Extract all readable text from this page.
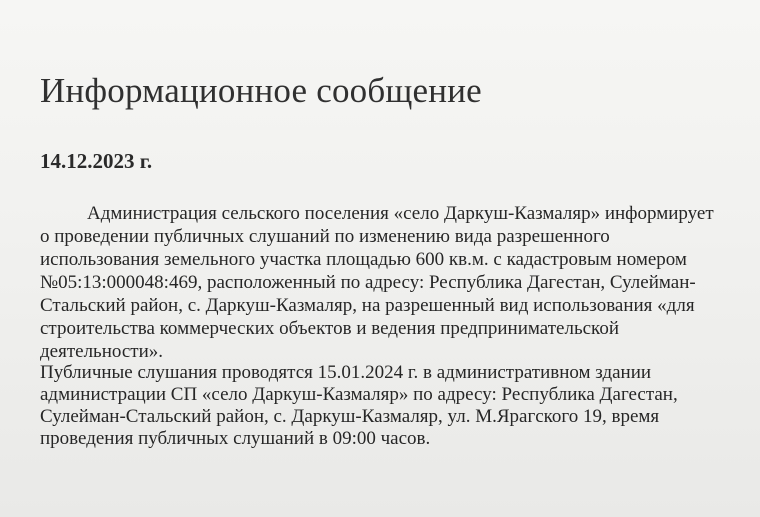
Информационное сообщение
14.12.2023 г.
Администрация сельского поселения «село Даркуш-Казмаляр» информирует
о проведении публичных слушаний по изменению вида разрешенного
использования земельного участка площадью 600 кв.м. с кадастровым номером
№05:13:000048:469, расположенный по адресу: Республика Дагестан, Сулейман-
Стальский район, с. Даркуш-Казмаляр, на разрешенный вид использования «для
строительства коммерческих объектов и ведения предпринимательской
деятельности».
Публичные слушания проводятся 15.01.2024 г. в административном здании
администрации СП «село Даркуш-Казмаляр» по адресу: Республика Дагестан,
Сулейман-Стальский район, с. Даркуш-Казмаляр, ул. М.Ярагского 19, время
проведения публичных слушаний в 09:00 часов.
